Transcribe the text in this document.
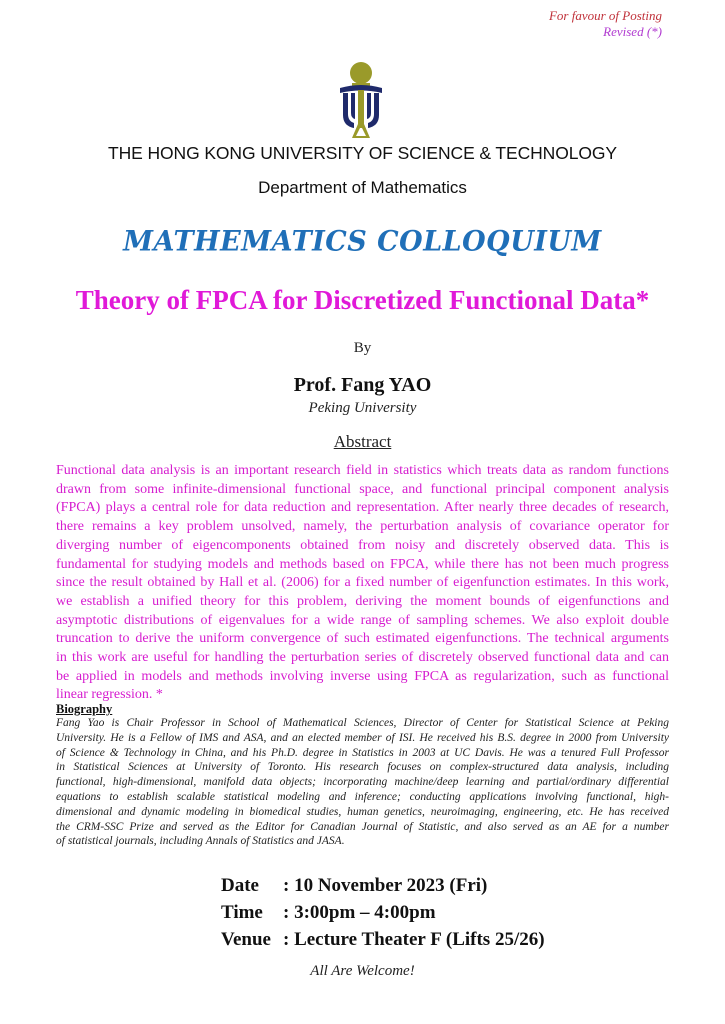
For favour of Posting
Revised (*)
THE HONG KONG UNIVERSITY OF SCIENCE & TECHNOLOGY
Department of Mathematics
MATHEMATICS COLLOQUIUM
Theory of FPCA for Discretized Functional Data*
By
Prof. Fang YAO
Peking University
Abstract
Functional data analysis is an important research field in statistics which treats data as random functions
drawn from some infinite-dimensional functional space, and functional principal component analysis
(FPCA) plays a central role for data reduction and representation. After nearly three decades of research,
there remains a key problem unsolved, namely, the perturbation analysis of covariance operator for
diverging number of eigencomponents obtained from noisy and discretely observed data. This is
fundamental for studying models and methods based on FPCA, while there has not been much progress
since the result obtained by Hall et al. (2006) for a fixed number of eigenfunction estimates. In this work,
we establish a unified theory for this problem, deriving the moment bounds of eigenfunctions and
asymptotic distributions of eigenvalues for a wide range of sampling schemes. We also exploit double
truncation to derive the uniform convergence of such estimated eigenfunctions. The technical arguments
in this work are useful for handling the perturbation series of discretely observed functional data and can
be applied in models and methods involving inverse using FPCA as regularization, such as functional
linear regression. *
Biography
Fang Yao is Chair Professor in School of Mathematical Sciences, Director of Center for Statistical Science at Peking
University. He is a Fellow of IMS and ASA, and an elected member of ISI. He received his B.S. degree in 2000 from University
of Science & Technology in China, and his Ph.D. degree in Statistics in 2003 at UC Davis. He was a tenured Full Professor
in Statistical Sciences at University of Toronto. His research focuses on complex-structured data analysis, including
functional, high-dimensional, manifold data objects; incorporating machine/deep learning and partial/ordinary differential
equations to establish scalable statistical modeling and inference; conducting applications involving functional, high-
dimensional and dynamic modeling in biomedical studies, human genetics, neuroimaging, engineering, etc. He has received
the CRM-SSC Prize and served as the Editor for Canadian Journal of Statistic, and also served as an AE for a number
of statistical journals, including Annals of Statistics and JASA.
Date	: 10 November 2023 (Fri)
Time	: 3:00pm – 4:00pm
Venue : Lecture Theater F (Lifts 25/26)
All Are Welcome!
